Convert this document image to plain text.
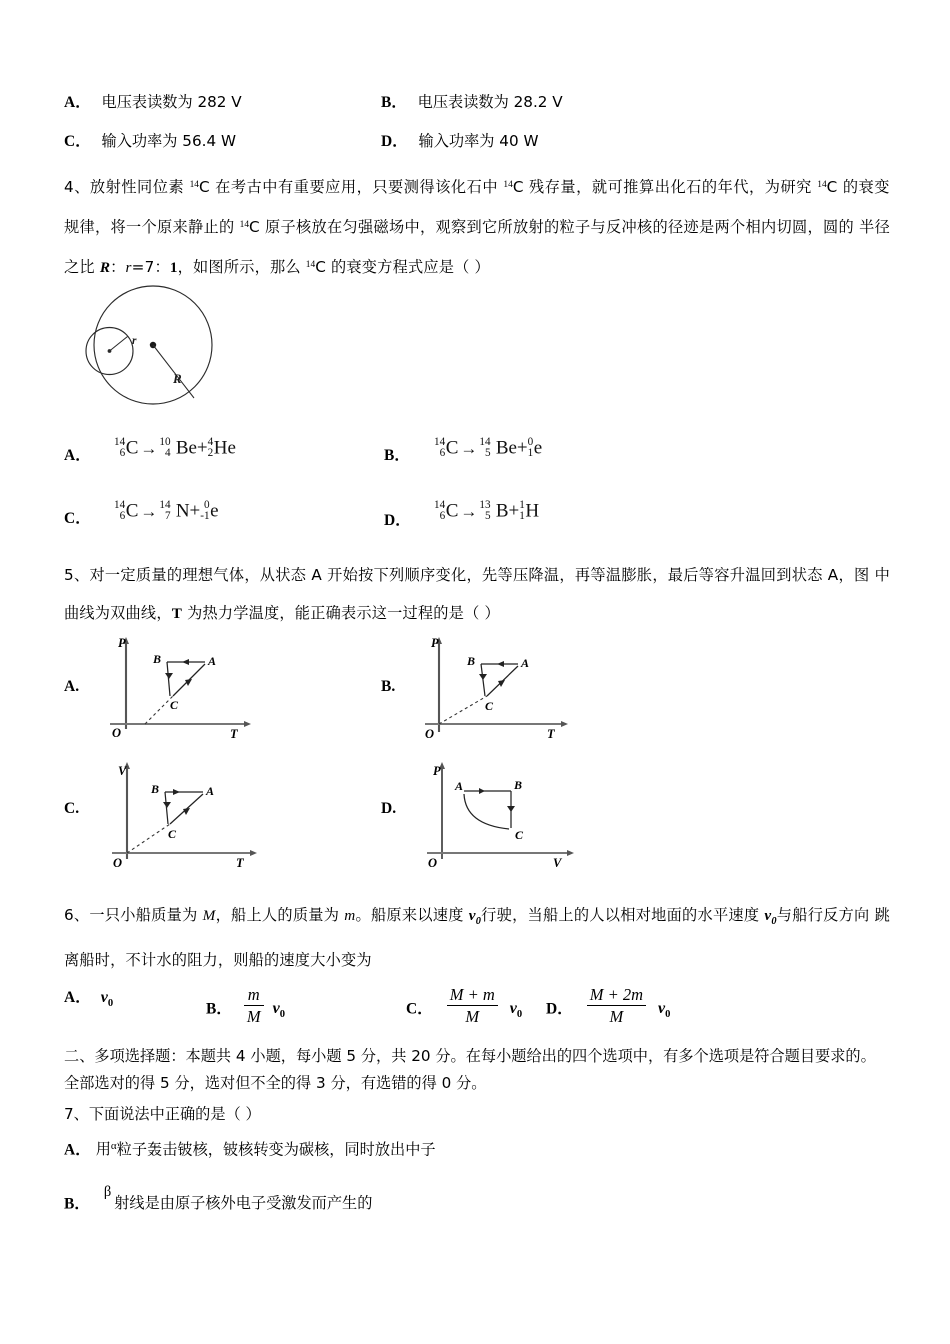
A． 电压表读数为 282 V	B． 电压表读数为 28.2 V
C． 输入功率为 56.4 W	D． 输入功率为 40 W
4、放射性同位素 $^{14}$C 在考古中有重要应用，只要测得该化石中 $^{14}$C 残存量，就可推算出化石的年代，为研究 $^{14}$C 的衰变 规律，将一个原来静止的 $^{14}$C 原子核放在匀强磁场中，观察到它所放射的粒子与反冲核的径迹是两个相内切圆，圆的 半径之比 R：r=7：1，如图所示，那么 $^{14}$C 的衰变方程式应是（ ）
r
R
A．
14
6 C → 10
4 Be+ 4
2 He	B．
14
6 C → 14
5 Be+ 0
1 e
C．
14
6 C → 14
7 N+ 0
-1 e	D．
14
6 C → 13
5 B+ 1
1 H
5、对一定质量的理想气体，从状态 A 开始按下列顺序变化，先等压降温，再等温膨胀，最后等容升温回到状态 A，图 中曲线为双曲线，T 为热力学温度，能正确表示这一过程的是（ ）
A.
P
T
O
A
B
C
B.
P
T
O
A
B
C
C.
V
T
O
A
B
C
D.
P
V
O
A	B
C
6、一只小船质量为 M，船上人的质量为 m。船原来以速度 $v_0$行驶，当船上的人以相对地面的水平速度 $v_0$与船行反方向 跳离船时，不计水的阻力，则船的速度大小变为
A． $v_0$	B． $\frac{m}{M} v_0$	C． $\frac{M + m}{M} v_0$ D． $\frac{M + 2m}{M} v_0$
二、多项选择题：本题共 4 小题，每小题 5 分，共 20 分。在每小题给出的四个选项中，有多个选项是符合题目要求的。
全部选对的得 5 分，选对但不全的得 3 分，有选错的得 0 分。
7、下面说法中正确的是（ ）
A． 用$^\alpha$粒子轰击铍核，铍核转变为碳核，同时放出中子
B．$^\beta$射线是由原子核外电子受激发而产生的
